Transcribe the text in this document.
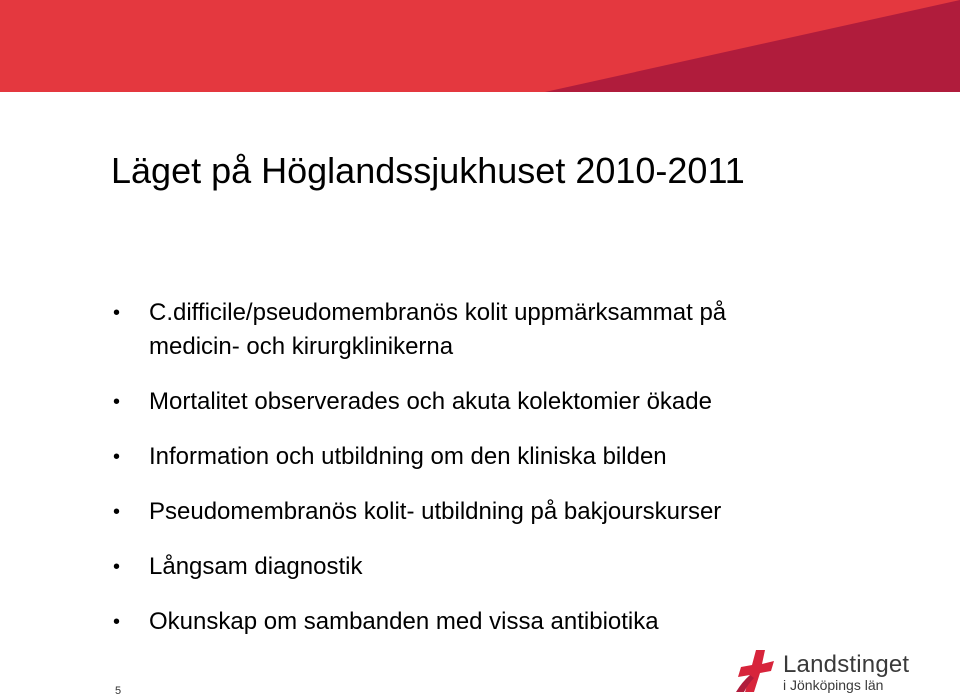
Läget på Höglandssjukhuset 2010-2011
• C.difficile/pseudomembranös kolit uppmärksammat på
medicin- och kirurgklinikerna
• Mortalitet observerades och akuta kolektomier ökade
• Information och utbildning om den kliniska bilden
• Pseudomembranös kolit- utbildning på bakjourskurser
• Långsam diagnostik
• Okunskap om sambanden med vissa antibiotika
5
Landstinget
i Jönköpings län
